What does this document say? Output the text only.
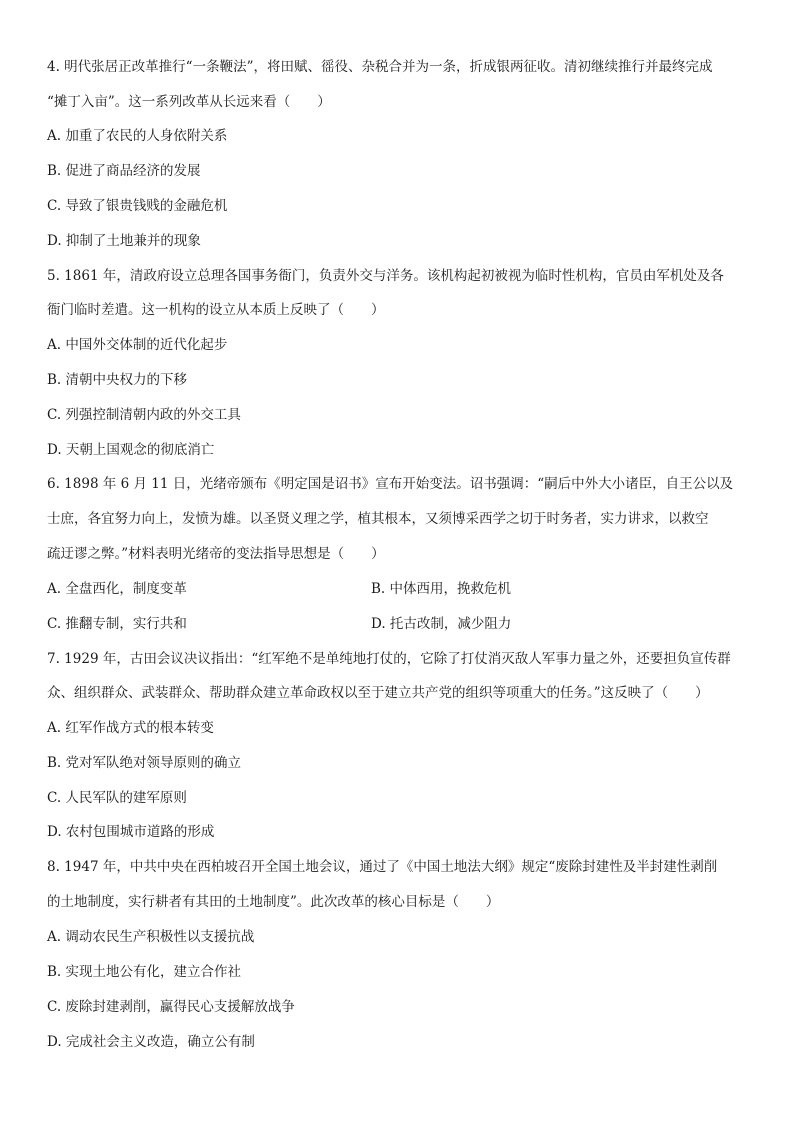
4. 明代张居正改革推行“一条鞭法”，将田赋、徭役、杂税合并为一条，折成银两征收。清初继续推行并最终完成
“摊丁入亩”。这一系列改革从长远来看（　　）
A. 加重了农民的人身依附关系
B. 促进了商品经济的发展
C. 导致了银贵钱贱的金融危机
D. 抑制了土地兼并的现象
5. 1861 年，清政府设立总理各国事务衙门，负责外交与洋务。该机构起初被视为临时性机构，官员由军机处及各
衙门临时差遣。这一机构的设立从本质上反映了（　　）
A. 中国外交体制的近代化起步
B. 清朝中央权力的下移
C. 列强控制清朝内政的外交工具
D. 天朝上国观念的彻底消亡
6. 1898 年 6 月 11 日，光绪帝颁布《明定国是诏书》宣布开始变法。诏书强调：“嗣后中外大小诸臣，自王公以及
士庶，各宜努力向上，发愤为雄。以圣贤义理之学，植其根本，又须博采西学之切于时务者，实力讲求，以救空
疏迂谬之弊。”材料表明光绪帝的变法指导思想是（　　）
A. 全盘西化，制度变革	B. 中体西用，挽救危机
C. 推翻专制，实行共和	D. 托古改制，减少阻力
7. 1929 年，古田会议决议指出：“红军绝不是单纯地打仗的，它除了打仗消灭敌人军事力量之外，还要担负宣传群
众、组织群众、武装群众、帮助群众建立革命政权以至于建立共产党的组织等项重大的任务。”这反映了（　　）
A. 红军作战方式的根本转变
B. 党对军队绝对领导原则的确立
C. 人民军队的建军原则
D. 农村包围城市道路的形成
8. 1947 年，中共中央在西柏坡召开全国土地会议，通过了《中国土地法大纲》规定“废除封建性及半封建性剥削
的土地制度，实行耕者有其田的土地制度”。此次改革的核心目标是（　　）
A. 调动农民生产积极性以支援抗战
B. 实现土地公有化，建立合作社
C. 废除封建剥削，赢得民心支援解放战争
D. 完成社会主义改造，确立公有制
